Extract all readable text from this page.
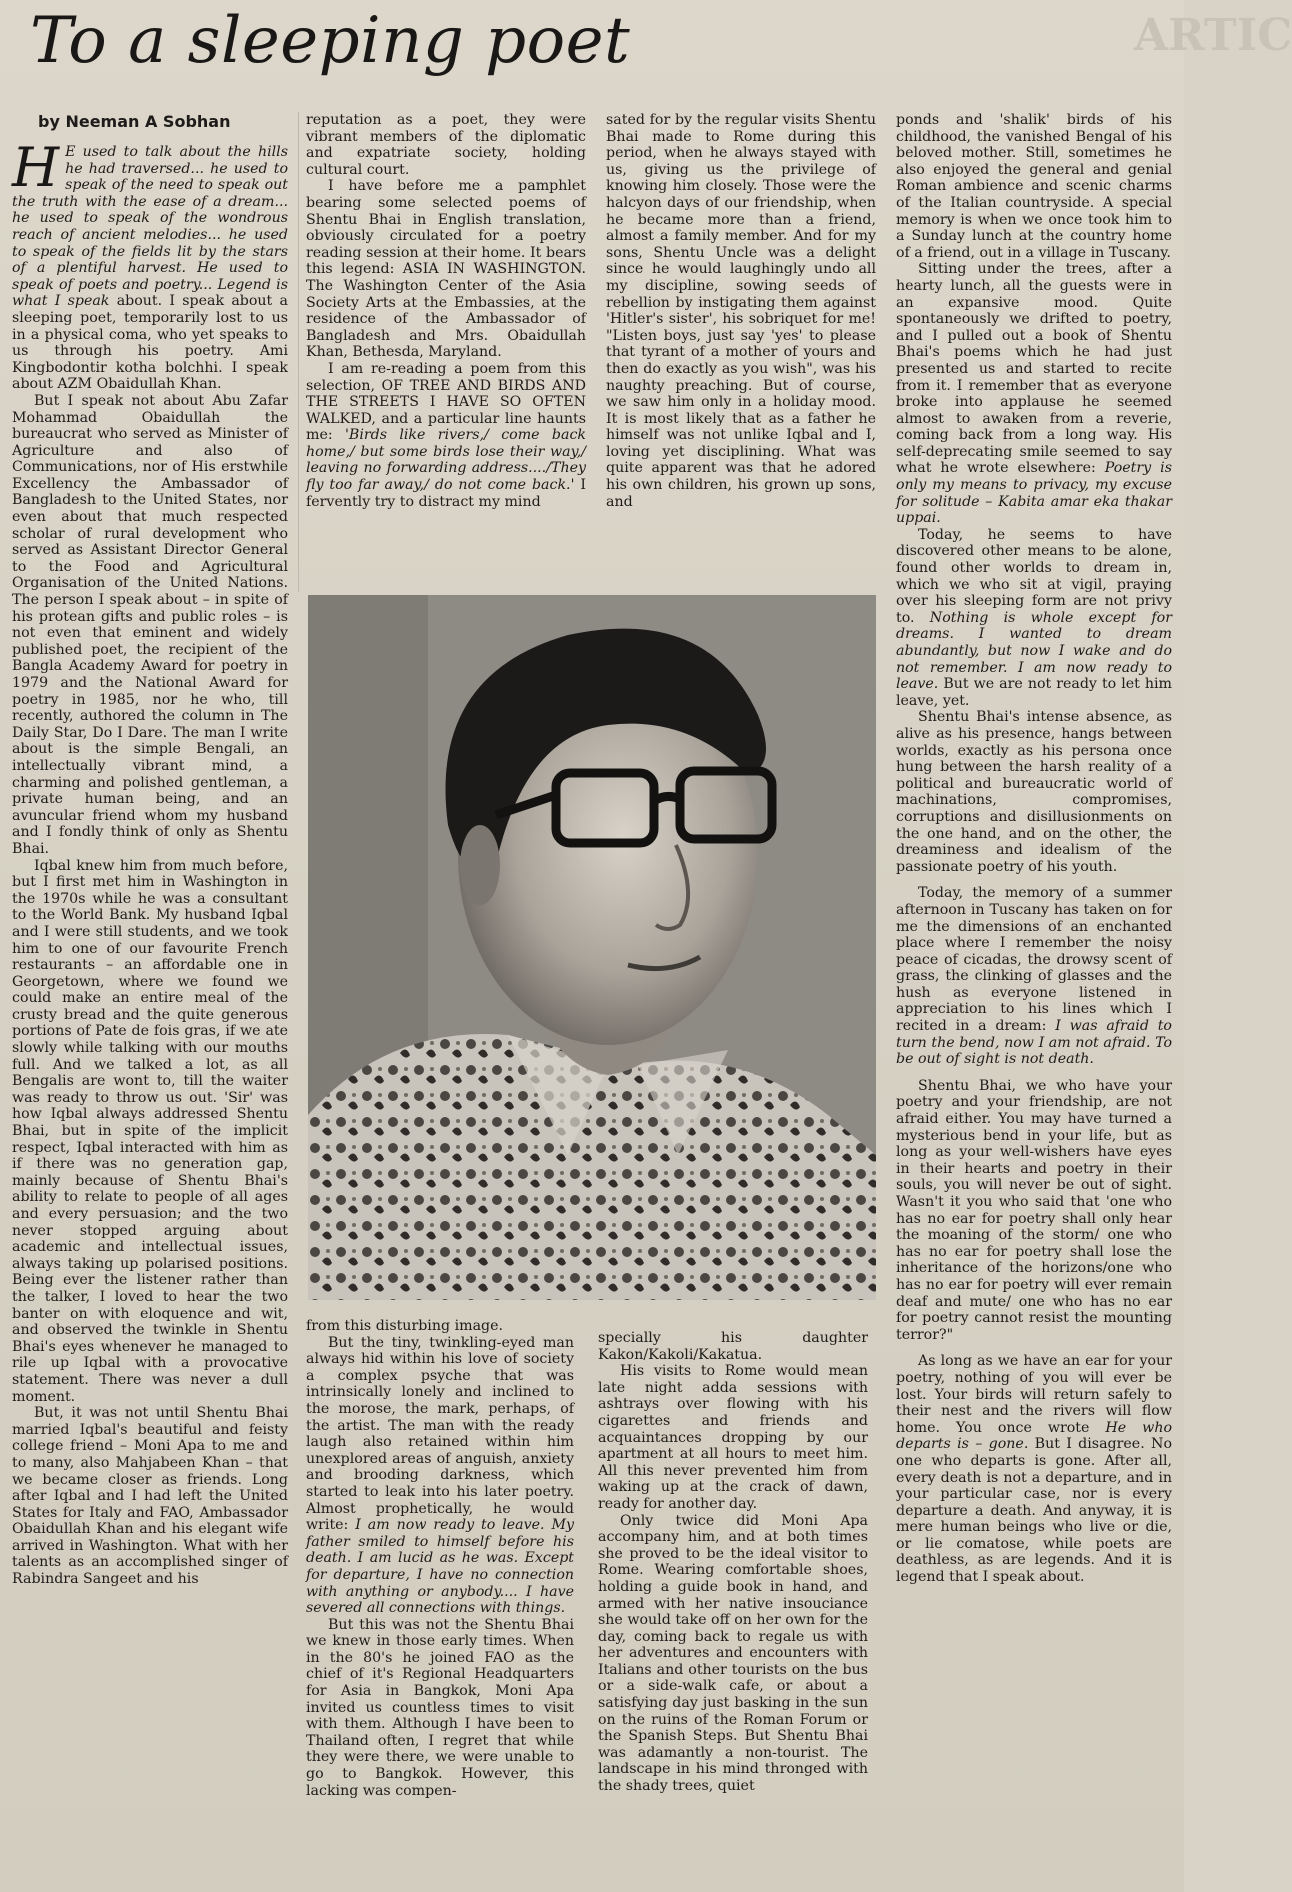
To a sleeping poet	ARTIC
by Neeman A Sobhan

H E used to talk about the hills he had traversed... he used to speak of the need to speak out the truth with the ease of a dream... he used to speak of the wondrous reach of ancient melodies... he used to speak of the fields lit by the stars of a plentiful harvest. He used to speak of poets and poetry... Legend is what I speak about. I speak about a sleeping poet, temporarily lost to us in a physical coma, who yet speaks to us through his poetry. Ami Kingbodontir kotha bolchhi. I speak about AZM Obaidullah Khan.

But I speak not about Abu Zafar Mohammad Obaidullah the bureaucrat who served as Minister of Agriculture and also of Communications, nor of His erstwhile Excellency the Ambassador of Bangladesh to the United States, nor even about that much respected scholar of rural development who served as Assistant Director General to the Food and Agricultural Organisation of the United Nations. The person I speak about – in spite of his protean gifts and public roles – is not even that eminent and widely published poet, the recipient of the Bangla Academy Award for poetry in 1979 and the National Award for poetry in 1985, nor he who, till recently, authored the column in The Daily Star, Do I Dare. The man I write about is the simple Bengali, an intellectually vibrant mind, a charming and polished gentleman, a private human being, and an avuncular friend whom my husband and I fondly think of only as Shentu Bhai.

Iqbal knew him from much before, but I first met him in Washington in the 1970s while he was a consultant to the World Bank. My husband Iqbal and I were still students, and we took him to one of our favourite French restaurants – an affordable one in Georgetown, where we found we could make an entire meal of the crusty bread and the quite generous portions of Pate de fois gras, if we ate slowly while talking with our mouths full. And we talked a lot, as all Bengalis are wont to, till the waiter was ready to throw us out. 'Sir' was how Iqbal always addressed Shentu Bhai, but in spite of the implicit respect, Iqbal interacted with him as if there was no generation gap, mainly because of Shentu Bhai's ability to relate to people of all ages and every persuasion; and the two never stopped arguing about academic and intellectual issues, always taking up polarised positions. Being ever the listener rather than the talker, I loved to hear the two banter on with eloquence and wit, and observed the twinkle in Shentu Bhai's eyes whenever he managed to rile up Iqbal with a provocative statement. There was never a dull moment.

But, it was not until Shentu Bhai married Iqbal's beautiful and feisty college friend – Moni Apa to me and to many, also Mahjabeen Khan – that we became closer as friends. Long after Iqbal and I had left the United States for Italy and FAO, Ambassador Obaidullah Khan and his elegant wife arrived in Washington. What with her talents as an accomplished singer of Rabindra Sangeet and his

reputation as a poet, they were vibrant members of the diplomatic and expatriate society, holding cultural court.

I have before me a pamphlet bearing some selected poems of Shentu Bhai in English translation, obviously circulated for a poetry reading session at their home. It bears this legend: ASIA IN WASHINGTON. The Washington Center of the Asia Society Arts at the Embassies, at the residence of the Ambassador of Bangladesh and Mrs. Obaidullah Khan, Bethesda, Maryland.

I am re-reading a poem from this selection, OF TREE AND BIRDS AND THE STREETS I HAVE SO OFTEN WALKED, and a particular line haunts me: 'Birds like rivers,/ come back home,/ but some birds lose their way,/ leaving no forwarding address..../They fly too far away,/ do not come back.' I fervently try to distract my mind

sated for by the regular visits Shentu Bhai made to Rome during this period, when he always stayed with us, giving us the privilege of knowing him closely. Those were the halcyon days of our friendship, when he became more than a friend, almost a family member. And for my sons, Shentu Uncle was a delight since he would laughingly undo all my discipline, sowing seeds of rebellion by instigating them against 'Hitler's sister', his sobriquet for me! "Listen boys, just say 'yes' to please that tyrant of a mother of yours and then do exactly as you wish", was his naughty preaching. But of course, we saw him only in a holiday mood. It is most likely that as a father he himself was not unlike Iqbal and I, loving yet disciplining. What was quite apparent was that he adored his own children, his grown up sons, and

ponds and 'shalik' birds of his childhood, the vanished Bengal of his beloved mother. Still, sometimes he also enjoyed the general and genial Roman ambience and scenic charms of the Italian countryside. A special memory is when we once took him to a Sunday lunch at the country home of a friend, out in a village in Tuscany.

Sitting under the trees, after a hearty lunch, all the guests were in an expansive mood. Quite spontaneously we drifted to poetry, and I pulled out a book of Shentu Bhai's poems which he had just presented us and started to recite from it. I remember that as everyone broke into applause he seemed almost to awaken from a reverie, coming back from a long way. His self-deprecating smile seemed to say what he wrote elsewhere: Poetry is only my means to privacy, my excuse for solitude – Kabita amar eka thakar uppai.

Today, he seems to have discovered other means to be alone, found other worlds to dream in, which we who sit at vigil, praying over his sleeping form are not privy to. Nothing is whole except for dreams. I wanted to dream abundantly, but now I wake and do not remember. I am now ready to leave. But we are not ready to let him leave, yet.

Shentu Bhai's intense absence, as alive as his presence, hangs between worlds, exactly as his persona once hung between the harsh reality of a political and bureaucratic world of machinations, compromises, corruptions and disillusionments on the one hand, and on the other, the dreaminess and idealism of the passionate poetry of his youth.

Today, the memory of a summer afternoon in Tuscany has taken on for me the dimensions of an enchanted place where I remember the noisy peace of cicadas, the drowsy scent of grass, the clinking of glasses and the hush as everyone listened in appreciation to his lines which I recited in a dream: I was afraid to turn the bend, now I am not afraid. To be out of sight is not death.

Shentu Bhai, we who have your poetry and your friendship, are not afraid either. You may have turned a mysterious bend in your life, but as long as your well-wishers have eyes in their hearts and poetry in their souls, you will never be out of sight. Wasn't it you who said that 'one who has no ear for poetry shall only hear the moaning of the storm/ one who has no ear for poetry shall lose the inheritance of the horizons/one who has no ear for poetry will ever remain deaf and mute/ one who has no ear for poetry cannot resist the mounting terror?"

As long as we have an ear for your poetry, nothing of you will ever be lost. Your birds will return safely to their nest and the rivers will flow home. You once wrote He who departs is – gone. But I disagree. No one who departs is gone. After all, every death is not a departure, and in your particular case, nor is every departure a death. And anyway, it is mere human beings who live or die, or lie comatose, while poets are deathless, as are legends. And it is legend that I speak about.

from this disturbing image.

But the tiny, twinkling-eyed man always hid within his love of society a complex psyche that was intrinsically lonely and inclined to the morose, the mark, perhaps, of the artist. The man with the ready laugh also retained within him unexplored areas of anguish, anxiety and brooding darkness, which started to leak into his later poetry. Almost prophetically, he would write: I am now ready to leave. My father smiled to himself before his death. I am lucid as he was. Except for departure, I have no connection with anything or anybody.... I have severed all connections with things.

But this was not the Shentu Bhai we knew in those early times. When in the 80's he joined FAO as the chief of it's Regional Headquarters for Asia in Bangkok, Moni Apa invited us countless times to visit with them. Although I have been to Thailand often, I regret that while they were there, we were unable to go to Bangkok. However, this lacking was compen-

specially his daughter Kakon/Kakoli/Kakatua.

His visits to Rome would mean late night adda sessions with ashtrays over flowing with his cigarettes and friends and acquaintances dropping by our apartment at all hours to meet him. All this never prevented him from waking up at the crack of dawn, ready for another day.

Only twice did Moni Apa accompany him, and at both times she proved to be the ideal visitor to Rome. Wearing comfortable shoes, holding a guide book in hand, and armed with her native insouciance she would take off on her own for the day, coming back to regale us with her adventures and encounters with Italians and other tourists on the bus or a side-walk cafe, or about a satisfying day just basking in the sun on the ruins of the Roman Forum or the Spanish Steps. But Shentu Bhai was adamantly a non-tourist. The landscape in his mind thronged with the shady trees, quiet
